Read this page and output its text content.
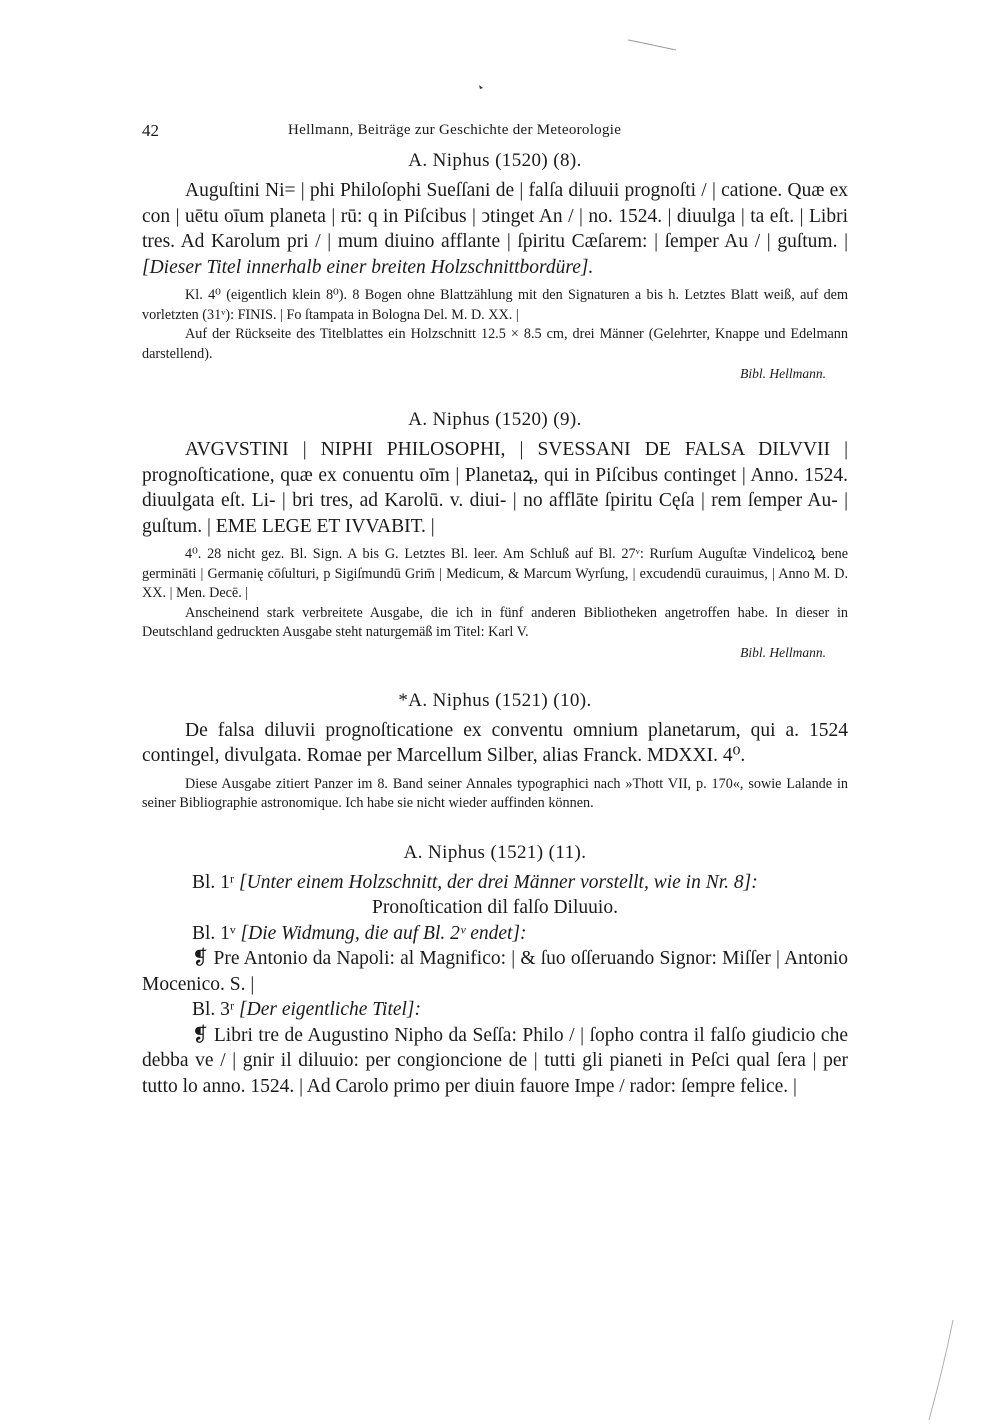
42	Hellmann, Beiträge zur Geschichte der Meteorologie
A. Niphus (1520) (8).

Auguſtini Ni= | phi Philoſophi Sueſſani de | falſa diluuii prognoſti / | catione. Quæ ex con | uētu oīum planeta | rū: q in Piſcibus | ↄtinget An / | no. 1524. | diuulga | ta eſt. | Libri tres. Ad Karolum pri / | mum diuino afflante | ſpiritu Cæſarem: | ſemper Au / | guſtum. | [Dieser Titel innerhalb einer breiten Holzschnittbordüre].

Kl. 4⁰ (eigentlich klein 8⁰). 8 Bogen ohne Blattzählung mit den Signaturen a bis h. Letztes Blatt weiß, auf dem vorletzten (31ᵛ): FINIS. | Fo ſtampata in Bologna Del. M. D. XX. |

Auf der Rückseite des Titelblattes ein Holzschnitt 12.5 × 8.5 cm, drei Männer (Gelehrter, Knappe und Edelmann darstellend).

Bibl. Hellmann.

A. Niphus (1520) (9).

AVGVSTINI | NIPHI PHILOSOPHI, | SVESSANI DE FALSA DILVVII | prognoſticatione, quæ ex conuentu oīm | Planetaꝝ, qui in Piſcibus continget | Anno. 1524. diuulgata eſt. Li- | bri tres, ad Karolū. v. diui- | no afflāte ſpiritu Cęſa | rem ſemper Au- | guſtum. | EME LEGE ET IVVABIT. |

4⁰. 28 nicht gez. Bl. Sign. A bis G. Letztes Bl. leer. Am Schluß auf Bl. 27ᵛ: Rurſum Auguſtæ Vindelicoꝝ bene germināti | Germanię cōſulturi, p Sigiſmundū Grim̄ | Medicum, & Marcum Wyrſung, | excudendū curauimus, | Anno M. D. XX. | Men. Decē. |

Anscheinend stark verbreitete Ausgabe, die ich in fünf anderen Bibliotheken angetroffen habe. In dieser in Deutschland gedruckten Ausgabe steht naturgemäß im Titel: Karl V.

Bibl. Hellmann.

*A. Niphus (1521) (10).

De falsa diluvii prognoſticatione ex conventu omnium planetarum, qui a. 1524 contingel, divulgata. Romae per Marcellum Silber, alias Franck. MDXXI. 4⁰.

Diese Ausgabe zitiert Panzer im 8. Band seiner Annales typographici nach »Thott VII, p. 170«, sowie Lalande in seiner Bibliographie astronomique. Ich habe sie nicht wieder auffinden können.

A. Niphus (1521) (11).
Bl. 1ʳ [Unter einem Holzschnitt, der drei Männer vorstellt, wie in Nr. 8]:
Pronoſtication dil falſo Diluuio.
Bl. 1ᵛ [Die Widmung, die auf Bl. 2ᵛ endet]:
❡ Pre Antonio da Napoli: al Magnifico: | & ſuo oſſeruando Signor: Miſſer | Antonio Mocenico. S. |
Bl. 3ʳ [Der eigentliche Titel]:
❡ Libri tre de Augustino Nipho da Seſſa: Philo / | ſopho contra il falſo giudicio che debba ve / | gnir il diluuio: per congioncione de | tutti gli pianeti in Peſci qual ſera | per tutto lo anno. 1524. | Ad Carolo primo per diuin fauore Impe / rador: ſempre felice. |
